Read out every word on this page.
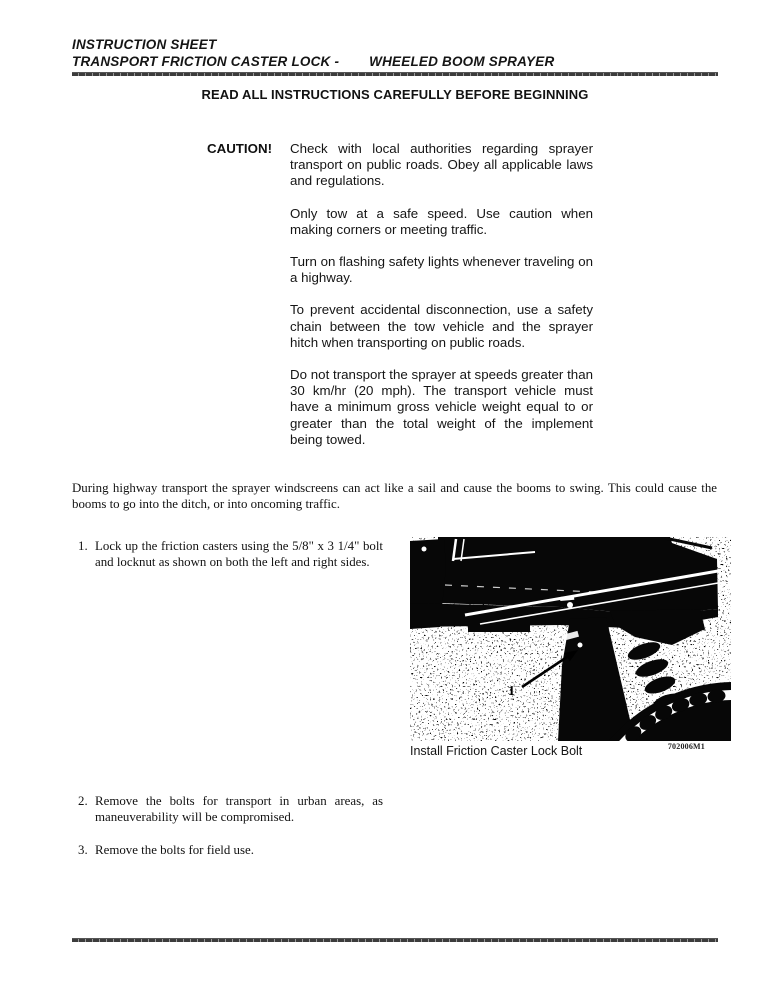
INSTRUCTION SHEET
TRANSPORT FRICTION CASTER LOCK - WHEELED BOOM SPRAYER
READ ALL INSTRUCTIONS CAREFULLY BEFORE BEGINNING
CAUTION! Check with local authorities regarding sprayer transport on public roads. Obey all applicable laws and regulations.

Only tow at a safe speed. Use caution when making corners or meeting traffic.

Turn on flashing safety lights whenever traveling on a highway.

To prevent accidental disconnection, use a safety chain between the tow vehicle and the sprayer hitch when transporting on public roads.

Do not transport the sprayer at speeds greater than 30 km/hr (20 mph). The transport vehicle must have a minimum gross vehicle weight equal to or greater than the total weight of the implement being towed.

During highway transport the sprayer windscreens can act like a sail and cause the booms to swing. This could cause the booms to go into the ditch, or into oncoming traffic.
1. Lock up the friction casters using the 5/8" x 3 1/4" bolt and locknut as shown on both the left and right sides.
1
Install Friction Caster Lock Bolt	702006M1
2. Remove the bolts for transport in urban areas, as maneuverability will be compromised.
3. Remove the bolts for field use.
